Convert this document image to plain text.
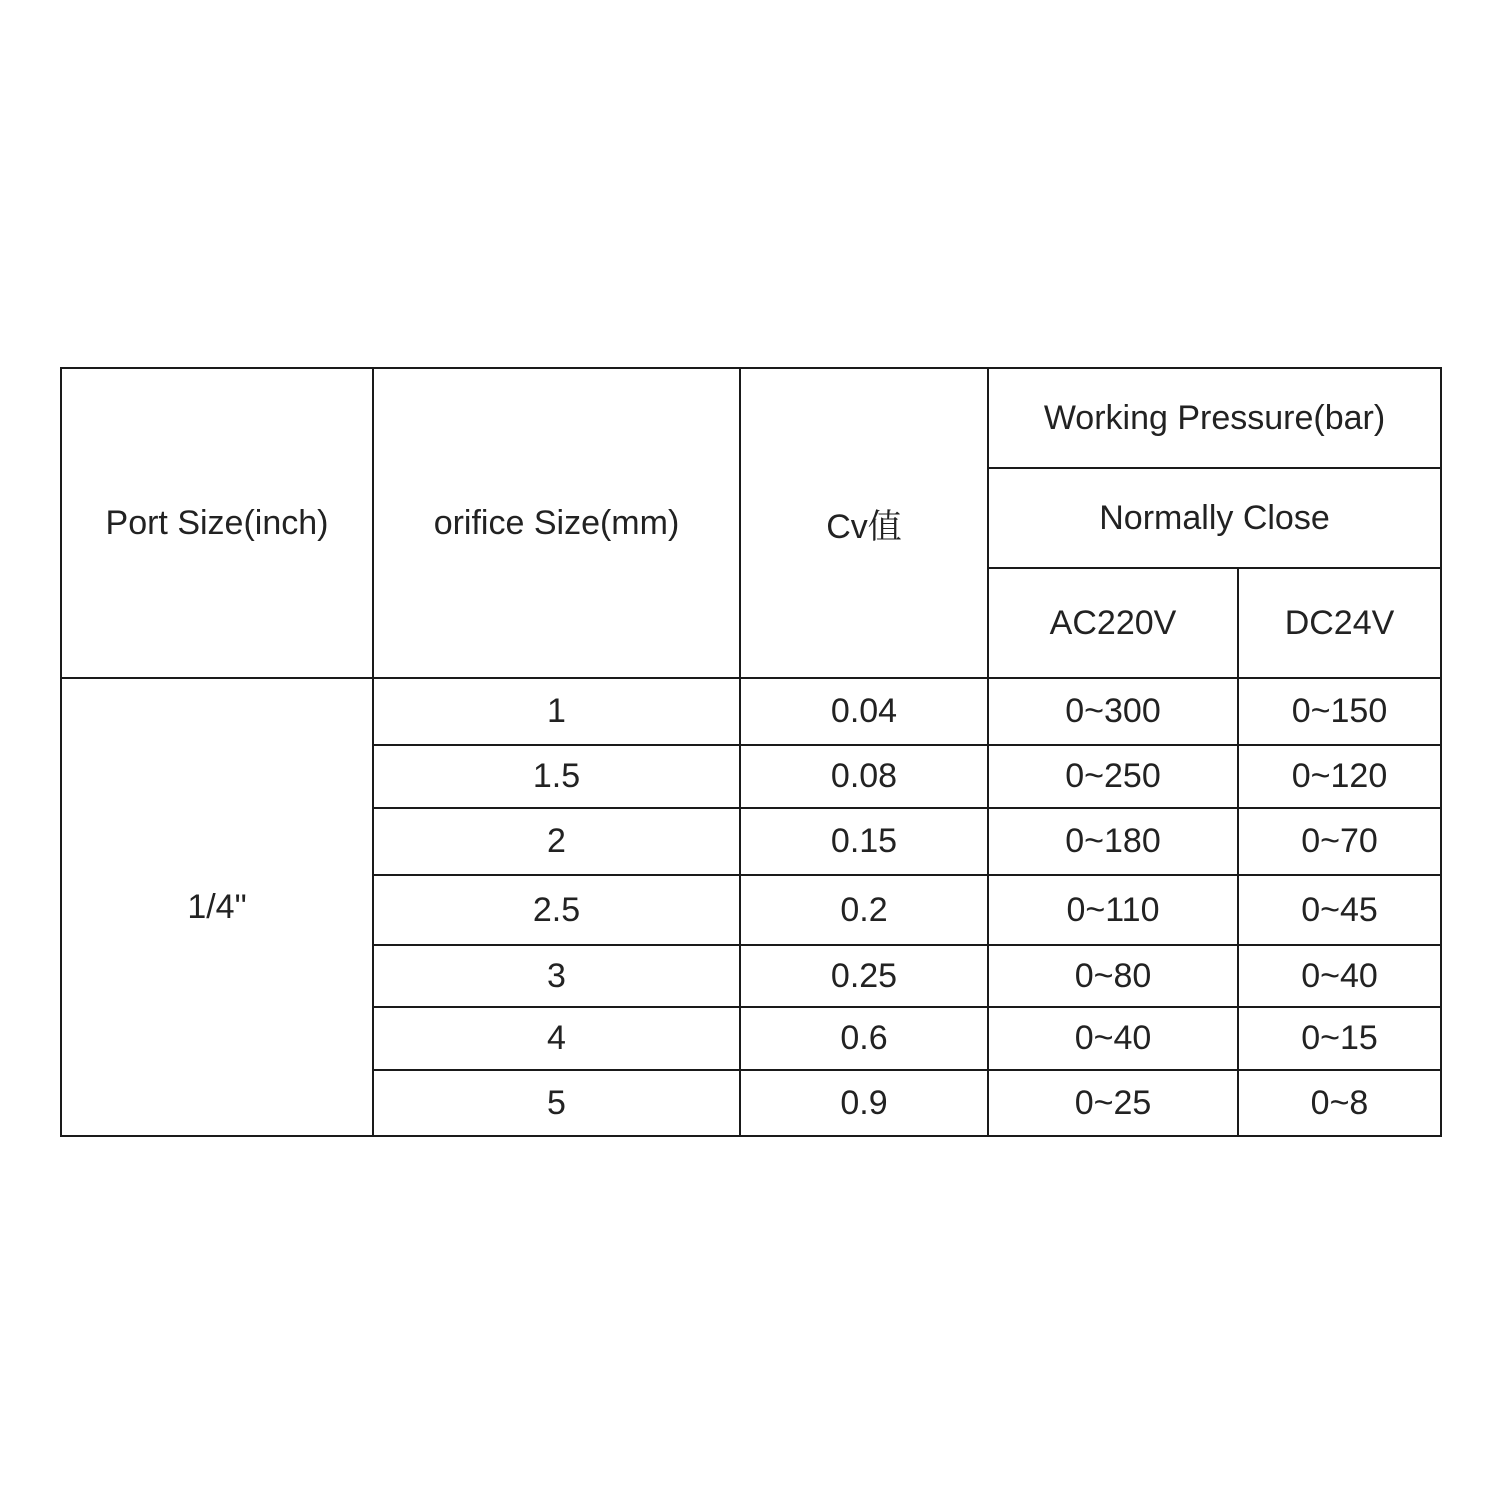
Port Size(inch)	orifice Size(mm)	Cv值	Working Pressure(bar)	
			Normally Close	
			AC220V	DC24V
1/4"	1	0.04	0~300	0~150
	1.5	0.08	0~250	0~120
	2	0.15	0~180	0~70
	2.5	0.2	0~110	0~45
	3	0.25	0~80	0~40
	4	0.6	0~40	0~15
	5	0.9	0~25	0~8
